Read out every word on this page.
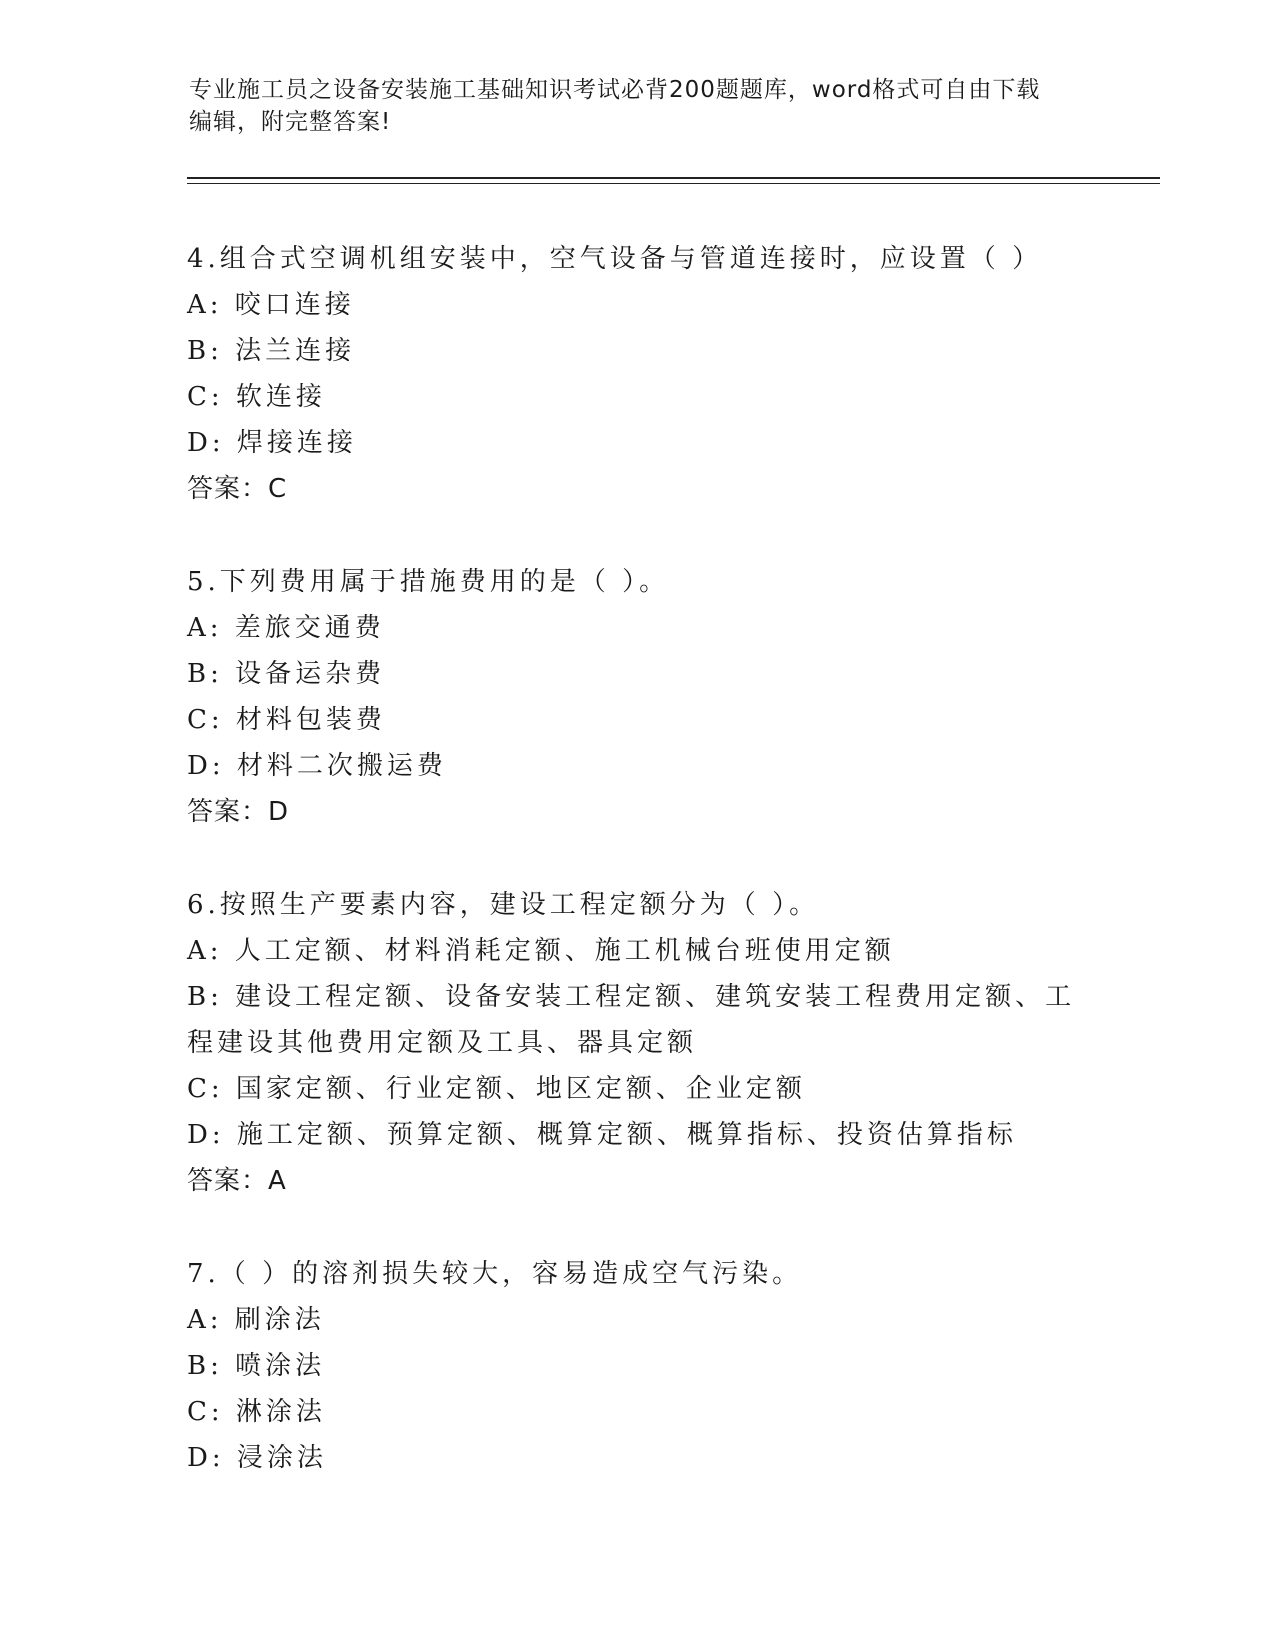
专业施工员之设备安装施工基础知识考试必背200题题库，word格式可自由下载
编辑，附完整答案!
4.组合式空调机组安装中，空气设备与管道连接时，应设置（ ）
A: 咬口连接
B: 法兰连接
C: 软连接
D: 焊接连接
答案：C
5.下列费用属于措施费用的是（ ）。
A: 差旅交通费
B: 设备运杂费
C: 材料包装费
D: 材料二次搬运费
答案：D
6.按照生产要素内容，建设工程定额分为（ ）。
A: 人工定额、材料消耗定额、施工机械台班使用定额
B: 建设工程定额、设备安装工程定额、建筑安装工程费用定额、工程建设其他费用定额及工具、器具定额
C: 国家定额、行业定额、地区定额、企业定额
D: 施工定额、预算定额、概算定额、概算指标、投资估算指标
答案：A
7.（ ）的溶剂损失较大，容易造成空气污染。
A: 刷涂法
B: 喷涂法
C: 淋涂法
D: 浸涂法
